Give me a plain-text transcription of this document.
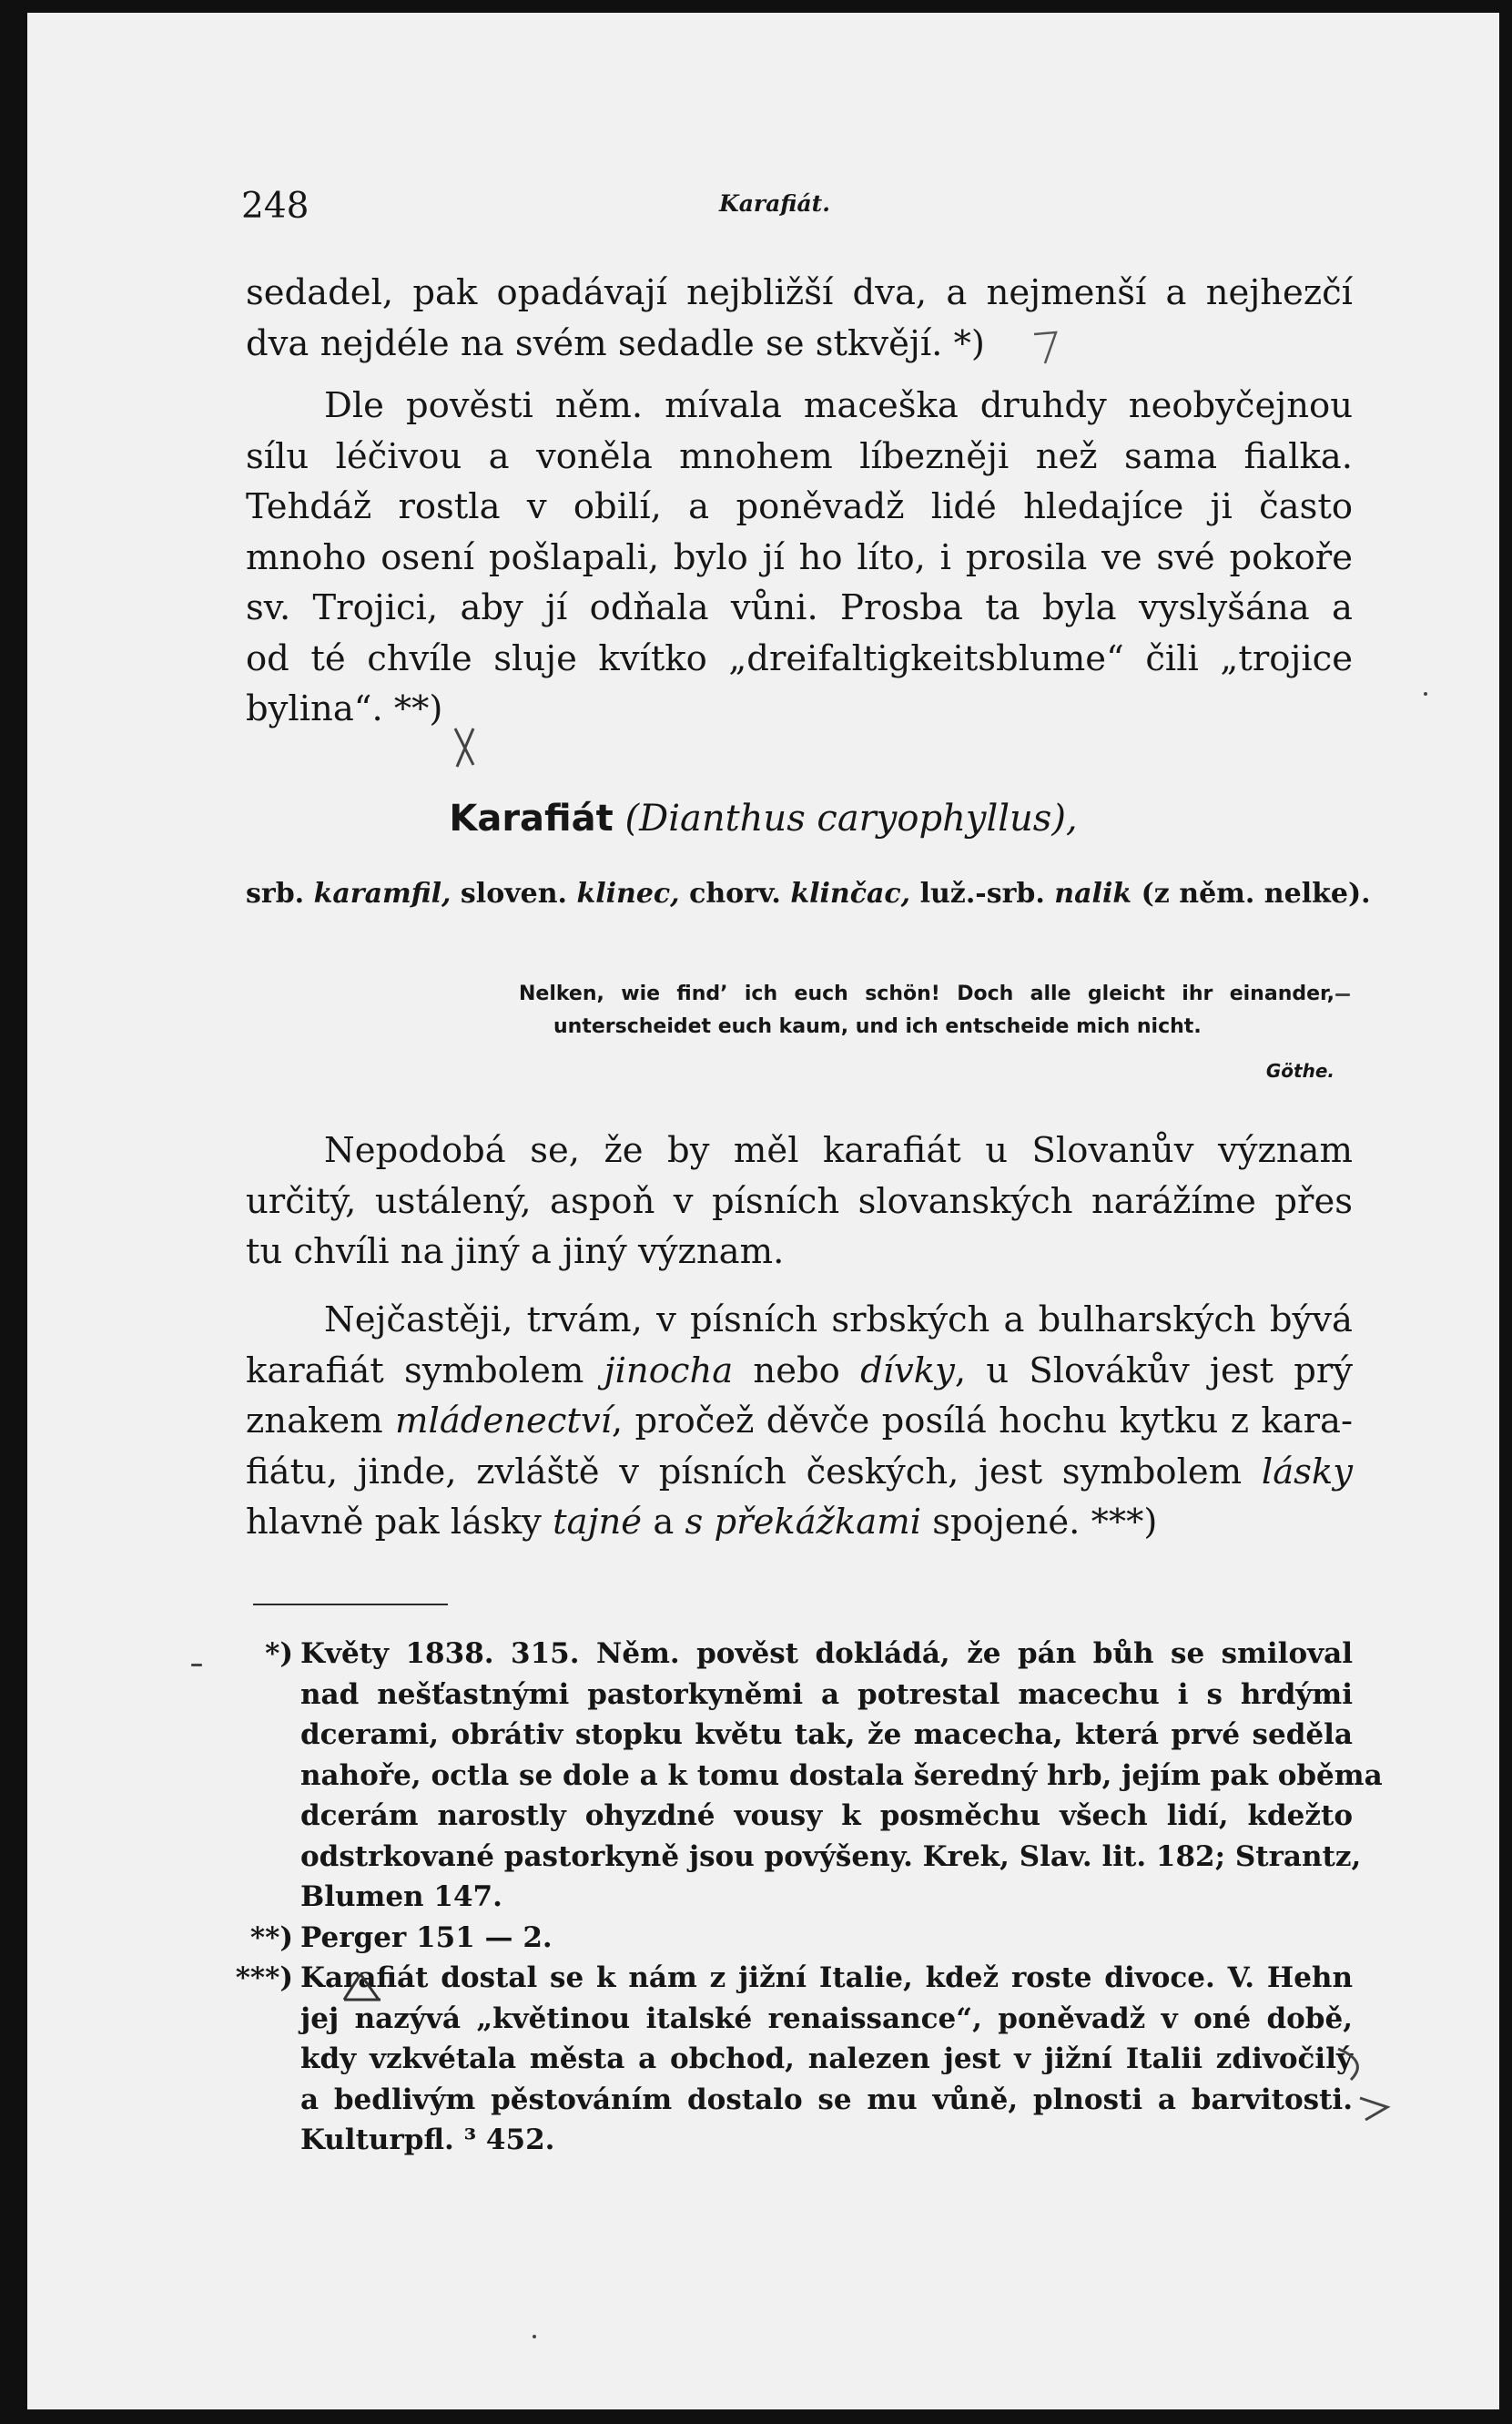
248	Karafiát.

sedadel, pak opadávají nejbližší dva, a nejmenší a nejhezčí
dva nejdéle na svém sedadle se stkvějí. *)

Dle pověsti něm. mívala maceška druhdy neobyčejnou
sílu léčivou a voněla mnohem líbezněji než sama fialka.
Tehdáž rostla v obilí, a poněvadž lidé hledajíce ji často
mnoho osení pošlapali, bylo jí ho líto, i prosila ve své pokoře
sv. Trojici, aby jí odňala vůni. Prosba ta byla vyslyšána a
od té chvíle sluje kvítko „dreifaltigkeitsblume“ čili „trojice
bylina“. **)

Karafiát (Dianthus caryophyllus),
srb. karamfil, sloven. klinec, chorv. klinčac, luž.-srb. nalik (z něm. nelke).
Nelken, wie find’ ich euch schön! Doch alle gleicht ihr einander,
unterscheidet euch kaum, und ich entscheide mich nicht.
Göthe.

Nepodobá se, že by měl karafiát u Slovanův význam
určitý, ustálený, aspoň v písních slovanských narážíme přes
tu chvíli na jiný a jiný význam.

Nejčastěji, trvám, v písních srbských a bulharských bývá
karafiát symbolem jinocha nebo dívky, u Slovákův jest prý
znakem mládenectví, pročež děvče posílá hochu kytku z kara-
fiátu, jinde, zvláště v písních českých, jest symbolem lásky
hlavně pak lásky tajné a s překážkami spojené. ***)

*) Květy 1838. 315. Něm. pověst dokládá, že pán bůh se smiloval
nad nešťastnými pastorkyněmi a potrestal macechu i s hrdými
dcerami, obrátiv stopku květu tak, že macecha, která prvé seděla
nahoře, octla se dole a k tomu dostala šeredný hrb, jejím pak oběma
dcerám narostly ohyzdné vousy k posměchu všech lidí, kdežto
odstrkované pastorkyně jsou povýšeny. Krek, Slav. lit. 182; Strantz,
Blumen 147.
**) Perger 151 — 2.
***) Karafiát dostal se k nám z jižní Italie, kdež roste divoce. V. Hehn
jej nazývá „květinou italské renaissance“, poněvadž v oné době,
kdy vzkvétala města a obchod, nalezen jest v jižní Italii zdivočilý
a bedlivým pěstováním dostalo se mu vůně, plnosti a barvitosti.
Kulturpfl. ³ 452.
